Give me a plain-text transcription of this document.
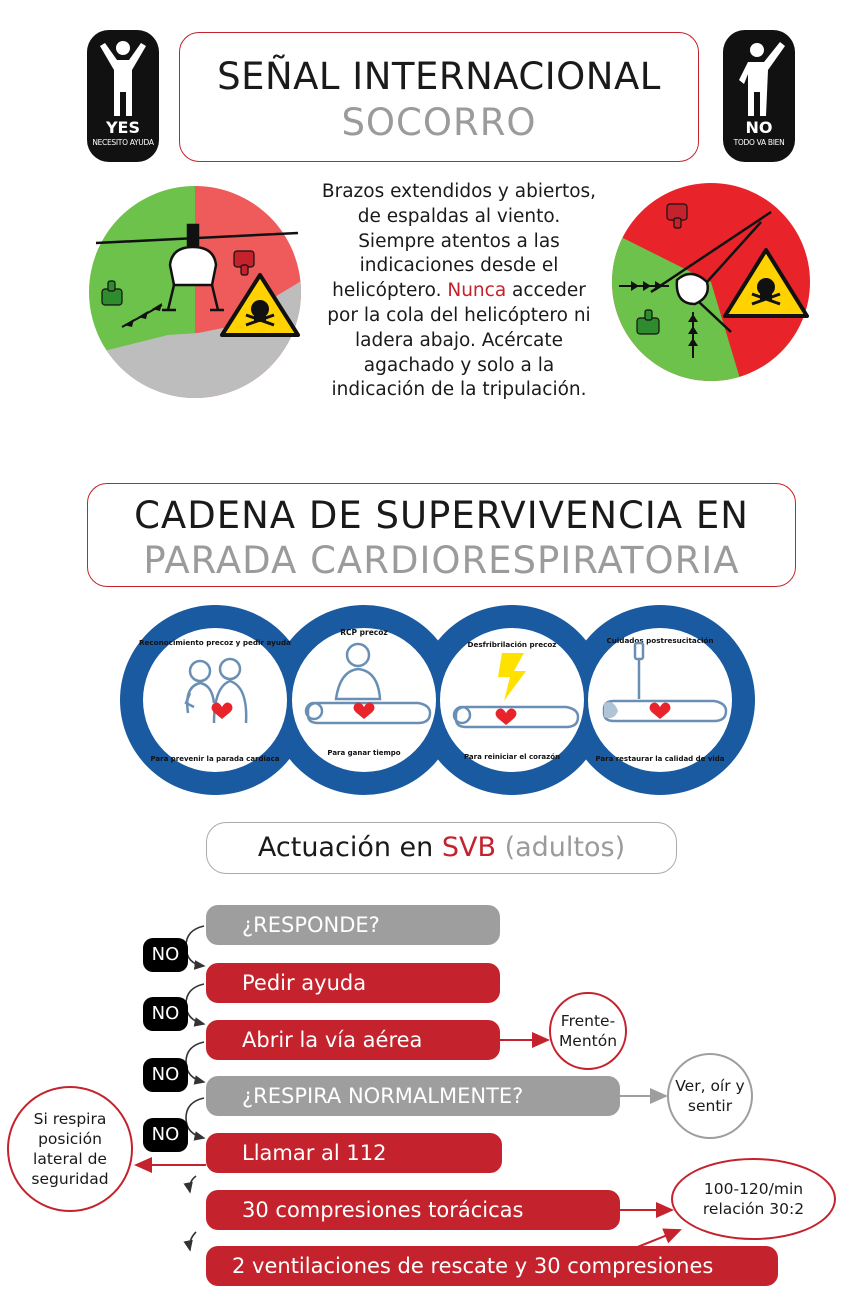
YES
NECESITO AYUDA
SEÑAL INTERNACIONAL
SOCORRO	NO
TODO VA BIEN
Brazos extendidos y abiertos, de espaldas al viento. Siempre atentos a las indicaciones desde el helicóptero. Nunca acceder por la cola del helicóptero ni ladera abajo. Acércate agachado y solo a la indicación de la tripulación.
CADENA DE SUPERVIVENCIA EN
PARADA CARDIORESPIRATORIA
Reconocimiento precoz y pedir ayuda
Para prevenir la parada cardiaca
RCP precoz
Para ganar tiempo
Desfribrilación precoz
Para reiniciar el corazón
Cuidados postresucitación
Para restaurar la calidad de vida
Actuación en SVB (adultos)
¿RESPONDE?
NO
Pedir ayuda
NO
Abrir la vía aérea
NO
¿RESPIRA NORMALMENTE?
NO
Llamar al 112
30 compresiones torácicas
2 ventilaciones de rescate y 30 compresiones
Frente-Mentón
Ver, oír y sentir
Si respira posición lateral de seguridad
100-120/min relación 30:2
